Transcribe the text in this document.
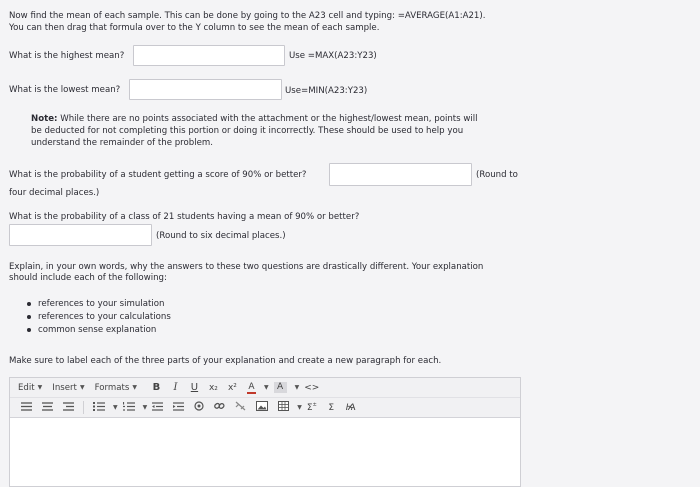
Now find the mean of each sample. This can be done by going to the A23 cell and typing: =AVERAGE(A1:A21).
You can then drag that formula over to the Y column to see the mean of each sample.
What is the highest mean?	Use =MAX(A23:Y23)
What is the lowest mean?	Use=MIN(A23:Y23)
Note: While there are no points associated with the attachment or the highest/lowest mean, points will
be deducted for not completing this portion or doing it incorrectly. These should be used to help you
understand the remainder of the problem.
What is the probability of a student getting a score of 90% or better?	(Round to
four decimal places.)
What is the probability of a class of 21 students having a mean of 90% or better?
(Round to six decimal places.)
Explain, in your own words, why the answers to these two questions are drastically different. Your explanation
should include each of the following:
references to your simulation
references to your calculations
common sense explanation
Make sure to label each of the three parts of your explanation and create a new paragraph for each.
Edit ▼ Insert ▼ Formats ▼ B I U x₂ x² A ▼ A	▼ <>
▼	▼	▼ Σ± Σ Ѩ
